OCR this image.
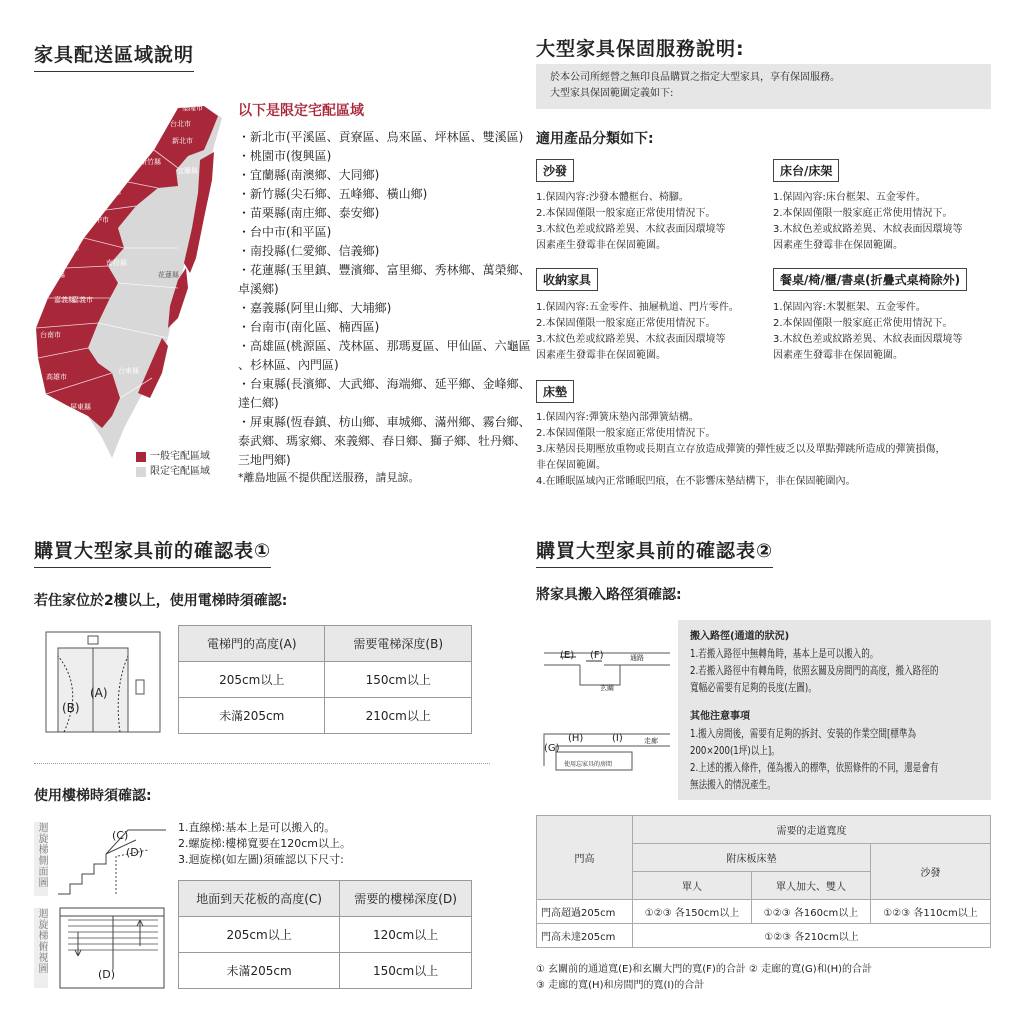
家具配送區域說明
基隆市
台北市
桃園市 新北市
新竹縣
新竹市
宜蘭縣
苗栗縣
台中市
彰化縣
南投縣
雲林縣	花蓮縣
嘉義縣
嘉義市
台南市
高雄市
台東縣
屏東縣
一般宅配區域
限定宅配區域
以下是限定宅配區域
・新北市(平溪區、貢寮區、烏來區、坪林區、雙溪區)
・桃園市(復興區)
・宜蘭縣(南澳鄉、大同鄉)
・新竹縣(尖石鄉、五峰鄉、橫山鄉)
・苗栗縣(南庄鄉、泰安鄉)
・台中市(和平區)
・南投縣(仁愛鄉、信義鄉)
・花蓮縣(玉里鎮、豐濱鄉、富里鄉、秀林鄉、萬榮鄉、
卓溪鄉)
・嘉義縣(阿里山鄉、大埔鄉)
・台南市(南化區、楠西區)
・高雄區(桃源區、茂林區、那瑪夏區、甲仙區、六龜區
、杉林區、內門區)
・台東縣(長濱鄉、大武鄉、海端鄉、延平鄉、金峰鄉、
達仁鄉)
・屏東縣(恆春鎮、枋山鄉、車城鄉、滿州鄉、霧台鄉、
泰武鄉、瑪家鄉、來義鄉、春日鄉、獅子鄉、牡丹鄉、
三地門鄉)
*離島地區不提供配送服務，請見諒。
大型家具保固服務說明:
於本公司所經營之無印良品購買之指定大型家具，享有保固服務。
大型家具保固範圍定義如下:
適用產品分類如下:
沙發
1.保固內容:沙發本體框台、椅腳。
2.本保固僅限一般家庭正常使用情況下。
3.木紋色差或紋路差異、木紋表面因環境等
因素產生發霉非在保固範圍。
床台/床架
1.保固內容:床台框架、五金零件。
2.本保固僅限一般家庭正常使用情況下。
3.木紋色差或紋路差異、木紋表面因環境等
因素產生發霉非在保固範圍。
收納家具
1.保固內容:五金零件、抽屜軌道、門片零件。
2.本保固僅限一般家庭正常使用情況下。
3.木紋色差或紋路差異、木紋表面因環境等
因素產生發霉非在保固範圍。
餐桌/椅/櫃/書桌(折疊式桌椅除外)
1.保固內容:木製框架、五金零件。
2.本保固僅限一般家庭正常使用情況下。
3.木紋色差或紋路差異、木紋表面因環境等
因素產生發霉非在保固範圍。
床墊
1.保固內容:彈簧床墊內部彈簧結構。
2.本保固僅限一般家庭正常使用情況下。
3.床墊因長期壓放重物或長期直立存放造成彈簧的彈性疲乏以及單點彈跳所造成的彈簧損傷，
非在保固範圍。
4.在睡眠區域內正常睡眠凹痕，在不影響床墊結構下，非在保固範圍內。
購買大型家具前的確認表①
若住家位於2樓以上，使用電梯時須確認:
(A)
(B)
電梯門的高度(A)	需要電梯深度(B)
205cm以上	150cm以上
未滿205cm	210cm以上
使用樓梯時須確認:
迴旋梯側面圖	(C)
(D)
迴旋梯俯視圖
(D)
1.直線梯:基本上是可以搬入的。
2.螺旋梯:樓梯寬要在120cm以上。
3.迴旋梯(如左圖)須確認以下尺寸:
地面到天花板的高度(C)	需要的樓梯深度(D)
205cm以上	120cm以上
未滿205cm	150cm以上
購買大型家具前的確認表②
將家具搬入路徑須確認:
(E) (F)	通路
玄關
(H)	(I)
(G)
走廊
使用忘家具的房間
搬入路徑(通道的狀況)
1.若搬入路徑中無轉角時，基本上是可以搬入的。
2.若搬入路徑中有轉角時，依照玄關及房間門的高度，搬入路徑的
寬幅必需要有足夠的長度(左圖)。
其他注意事項
1.搬入房間後，需要有足夠的拆封、安裝的作業空間[標準為
200×200(1坪)以上]。
2.上述的搬入條件，僅為搬入的標準，依照條件的不同，還是會有
無法搬入的情況產生。
門高	需要的走道寬度		
	附床板床墊		沙發
	單人	單人加大、雙人	
門高超過205cm	①②③ 各150cm以上	①②③ 各160cm以上	①②③ 各110cm以上
門高未達205cm	①②③ 各210cm以上		
① 玄關前的通道寬(E)和玄關大門的寬(F)的合計 ② 走廊的寬(G)和(H)的合計
③ 走廊的寬(H)和房間門的寬(I)的合計
